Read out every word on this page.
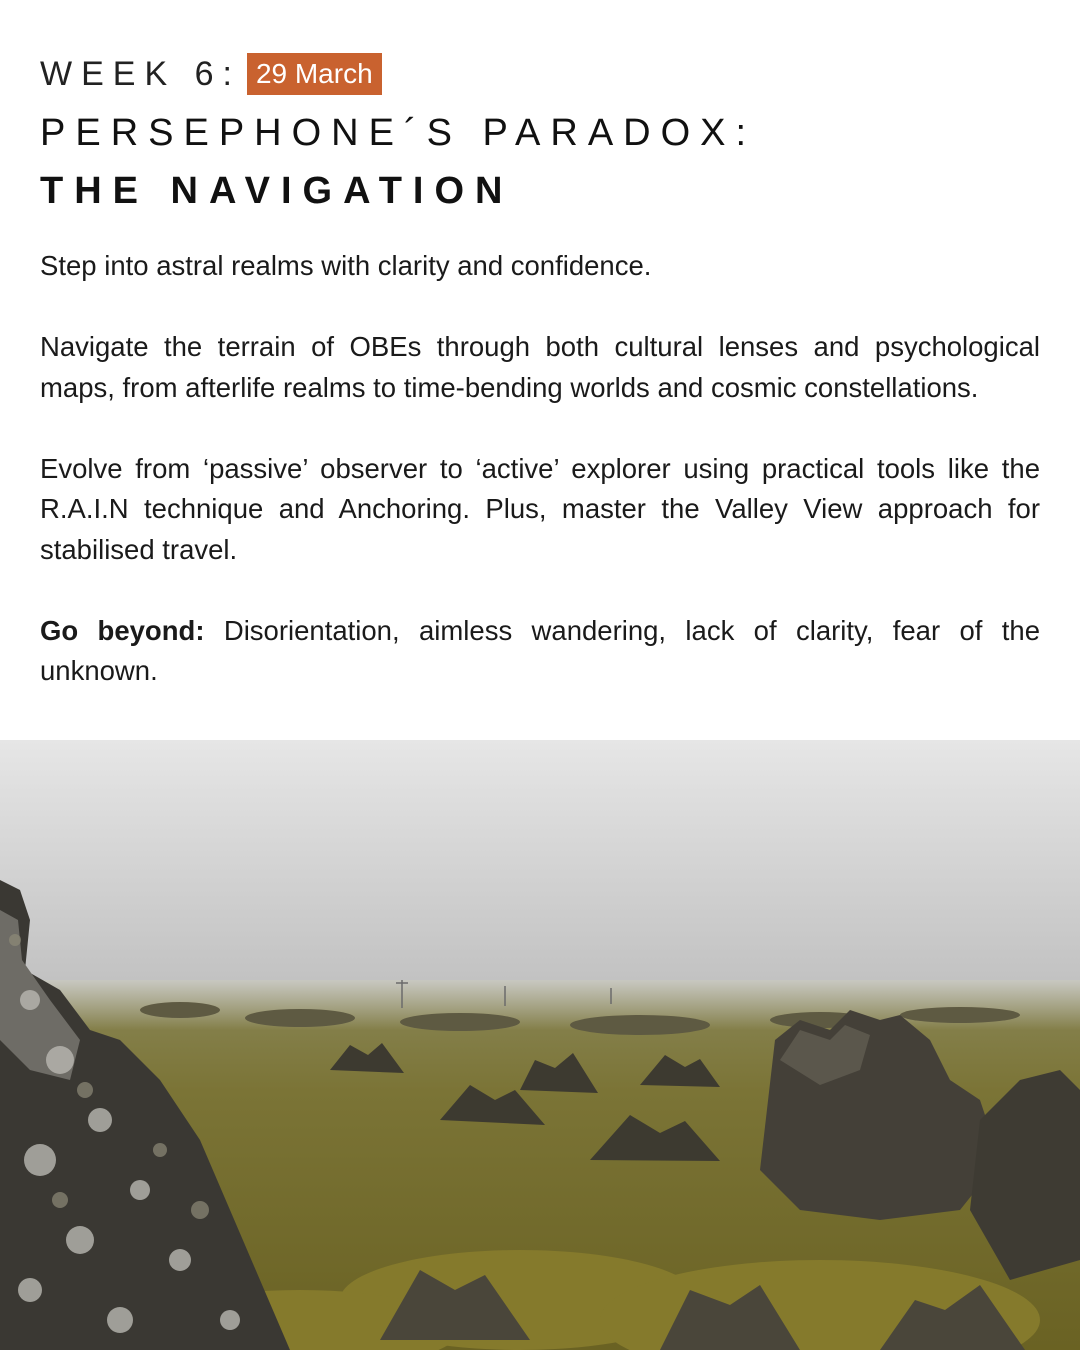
WEEK 6: 29 March
PERSEPHONE´S PARADOX:
THE NAVIGATION

Step into astral realms with clarity and confidence.

Navigate the terrain of OBEs through both cultural lenses and psychological maps, from afterlife realms to time-bending worlds and cosmic constellations.

Evolve from ‘passive’ observer to ‘active’ explorer using practical tools like the R.A.I.N technique and Anchoring. Plus, master the Valley View approach for stabilised travel.

Go beyond: Disorientation, aimless wandering, lack of clarity, fear of the unknown.
